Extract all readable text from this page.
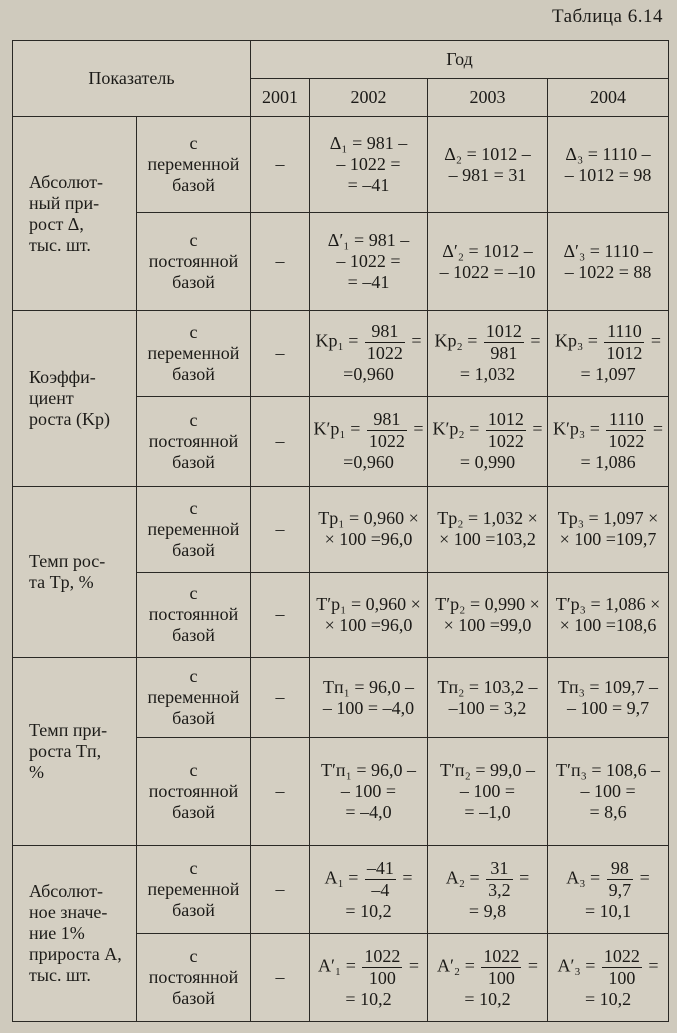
Таблица 6.14
Показатель		Год			
		2001	2002	2003	2004

Абсолют-
ный при-
рост Δ,
тыс. шт.	с
переменной
базой	–	Δ₁ = 981 –
– 1022 =
= –41	Δ₂ = 1012 –
– 981 = 31	Δ₃ = 1110 –
– 1012 = 98

	с
постоянной
базой	–	Δ′₁ = 981 –
– 1022 =
= –41	Δ′₂ = 1012 –
– 1022 = –10	Δ′₃ = 1110 –
– 1022 = 88

Коэффи-
циент
роста (Kр)	с
переменной
базой	–	$Kр_1 = \frac{981}{1022}$ =
=0,960	$Kр_2 = \frac{1012}{981}$ =
= 1,032	$Kр_3 = \frac{1110}{1012}$ =
= 1,097

	с
постоянной
базой	–	$K'р_1 = \frac{981}{1022}$ =
=0,960	$K'р_2 = \frac{1012}{1022}$ =
= 0,990	$K'р_3 = \frac{1110}{1022}$ =
= 1,086

Темп рос-
та Tр, %	с
переменной
базой	–	Tр₁ = 0,960 ×
× 100 =96,0	Tр₂ = 1,032 ×
× 100 =103,2	Tр₃ = 1,097 ×
× 100 =109,7

	с
постоянной
базой	–	T′р₁ = 0,960 ×
× 100 =96,0	T′р₂ = 0,990 ×
× 100 =99,0	T′р₃ = 1,086 ×
× 100 =108,6

Темп при-
роста Tп,
%	с
переменной
базой	–	Tп₁ = 96,0 –
– 100 = –4,0	Tп₂ = 103,2 –
–100 = 3,2	Tп₃ = 109,7 –
– 100 = 9,7

	с
постоянной
базой	–	T′п₁ = 96,0 –
– 100 =
= –4,0	T′п₂ = 99,0 –
– 100 =
= –1,0	T′п₃ = 108,6 –
– 100 =
= 8,6

Абсолют-
ное значе-
ние 1%
прироста А,
тыс. шт.	с
переменной
базой	–	$А_1 = \frac{-41}{-4}$ =
= 10,2	$А_2 = \frac{31}{3,2}$ =
= 9,8	$А_3 = \frac{98}{9,7}$ =
= 10,1

	с
постоянной
базой	–	$А'_1 = \frac{1022}{100}$ =
= 10,2	$А'_2 = \frac{1022}{100}$ =
= 10,2	$А'_3 = \frac{1022}{100}$ =
= 10,2
